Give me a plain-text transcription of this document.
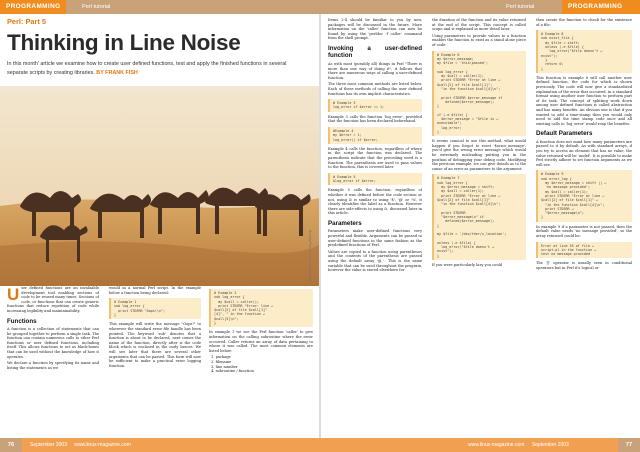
PROGRAMMING	Perl tutorial	Perl tutorial	PROGRAMMING
Perl: Part 5
Thinking in Line Noise
In this month' article we examine how to create user defined functions, test and apply the finished functions in several separate scripts by creating libraries. BY FRANK FISH
Burning Photos: sxc.hu photographer

User defined functions are an invaluable development tool enabling sections of code to be reused many times. Sections of code, or functions that can create generic functions that reduce repetition of code while increasing legibility and maintainability.

Functions

A function is a collection of statements that can be grouped together to perform a single task. The function can contain numerous calls to other Perl functions or user defined functions, including itself. This allows functions to act as black-boxes that can be used without the knowledge of how it operates.

We declare a function by specifying its name and listing the statements as we

would in a normal Perl script. In the example below a function being declared:

# Example 1
sub log_error {
print STDERR "Oops!\n";
}

This example will write the message "Oops!" to wherever the standard error file handle has been pointed. The keyword 'sub' denotes that a function is about to be declared, next comes the name of the function, directly after is the code block which is enclosed in the curly braces. We will see later that there are several other arguments that can be passed. This form will now be sufficient to make a practical error logging function.

# Example 2
sub log_error {
my $call = caller();
print STDERR "Error: line ↵
$call[2] of file $call[1]"
[4]", " in the function ↵
$call[3]\n";
}

In example 1 we see the Perl function 'caller' to give information on the calling subroutine where the error occurred. Caller returns an array of data pertaining to where it was called. The most common elements are listed below:

1. package
2. filename
3. line number
4. subroutine / function

Items 2-4 should be familiar to you by now, packages will be discussed in the future. More information on the 'caller' function can now be found by using the 'perldoc -f caller' command from the shell prompt.

Invoking a user-defined function

As with most (possibly all) things in Perl "There is more than one way of doing it", it follows that there are numerous ways of calling a user-defined function.

The three most common methods are listed below. Each of these methods of calling the user defined functions has its own implicit characteristics.

# Example 3
log_error if $error == 1;

Example 3 calls the function 'log_error', provided that the function has been declared beforehand.

#Example 4
my $error = 1;
log_error() if $error;

Example 4 calls the function, regardless of where in the script the function was declared. The parenthesis indicate that the preceding word is a function. The parenthesis are used to pass values to the function, this is covered later.

# Example 5
&log_error if $error;

Example 5 calls the function, regardless of whether it was defined before the code section or not, using & is similar to using '$', '@' or '%', it clearly identifies the label as a function. However there are side-effects to using &, discussed later in this article.

Parameters

Parameters make user-defined functions very powerful and flexible. Arguments can be passed to user-defined functions in the same fashion as the predefined functions of Perl.

Values are copied to a function using parentheses and the contents of the parenthesis are passed using the default array '@_'. This is the same variable that can be used throughout the program, however the value is stored elsewhere for

the duration of the function and its value returned at the end of the script. This concept is called scope and is explained in more detail later.

Using parameters to provide values to a function enables the function to exist as a stand alone piece of code:

# Example 6
my $error_message;
my $file = 'this\passed';

sub log_error {
my $call = caller(1);
print STDERR "Error at line ↵
$call[2] of file $call[1]";
"in the function $call[4]\n";

print STDERR $error_message if
defined($error_message);
}

if (-e $file) {
$error_message = "$file is ↵
executable";
log_error;
}

It seems comical to use this method, what would happen if you forgot to reset '$error_message', you'd give the wrong error message which would be extremely misleading putting you in the position of debugging your debug code. Modifying the previous example, we can give details as to the cause of an error as parameters to the argument:

# Example 7
sub log_error {
my $error_message = shift;
my $call = caller(1);
print STDERR "Error at line ↵
$call[2] of file $call[1]"
"in the function $call[4]\n";

print STDERR
"$error_message\n" if
defined($error_message);
}

my $file = '/dev/ther/x_location';

unless (-e $file) {
log_error("$file doesn't ↵
exist");
}

If you were particularly lazy you could

then create the function to check for the existence of a file:

# Example 8
sub exist_file {
my $file = shift;
unless (-e $file) {
log_error("$file doesn't ↵
exist");
}
return 0;
}

This function is example 8 will call another user defined function, the code for which is shown previously. The code will now give a standardized explanation of the error that occurred, in a standard format using another user function to perform part of its task. The concept of splitting work down among user defined functions is called abstraction and has many benefits. An obvious one is that if you wanted to add a time-stamp then you would only need to add the time stamp code once and all existing calls to 'log_error' would reap the benefits.

Default Parameters

A function does not mind how many parameters are passed to it by default. As with standard arrays, if you try to access an element that has no value, the value returned will be 'undef'. It is possible to make Perl strictly adhere to set function arguments as we will see.

# Example 9
sub error_log {
my $error_message = shift || ↵
'no message provided';
my $call = caller(1);
print STDERR "Error at line ↵
$call[2] of file $call[1]" ↵
"in the function $call[4]\n";
print STDERR ↵
"$error_message\n";
}

In example 9 if a parameter is not passed, then the default value needs 'no message provided', so the array returned could be:

Error at line 55 of file ↵
script.pl in the function ↵
test no message provided

The '||' operator is usually seen in conditional operators but in Perl it's logical or

76	September 2003 www.linux-magazine.com	www.linux-magazine.com September 2003	77
